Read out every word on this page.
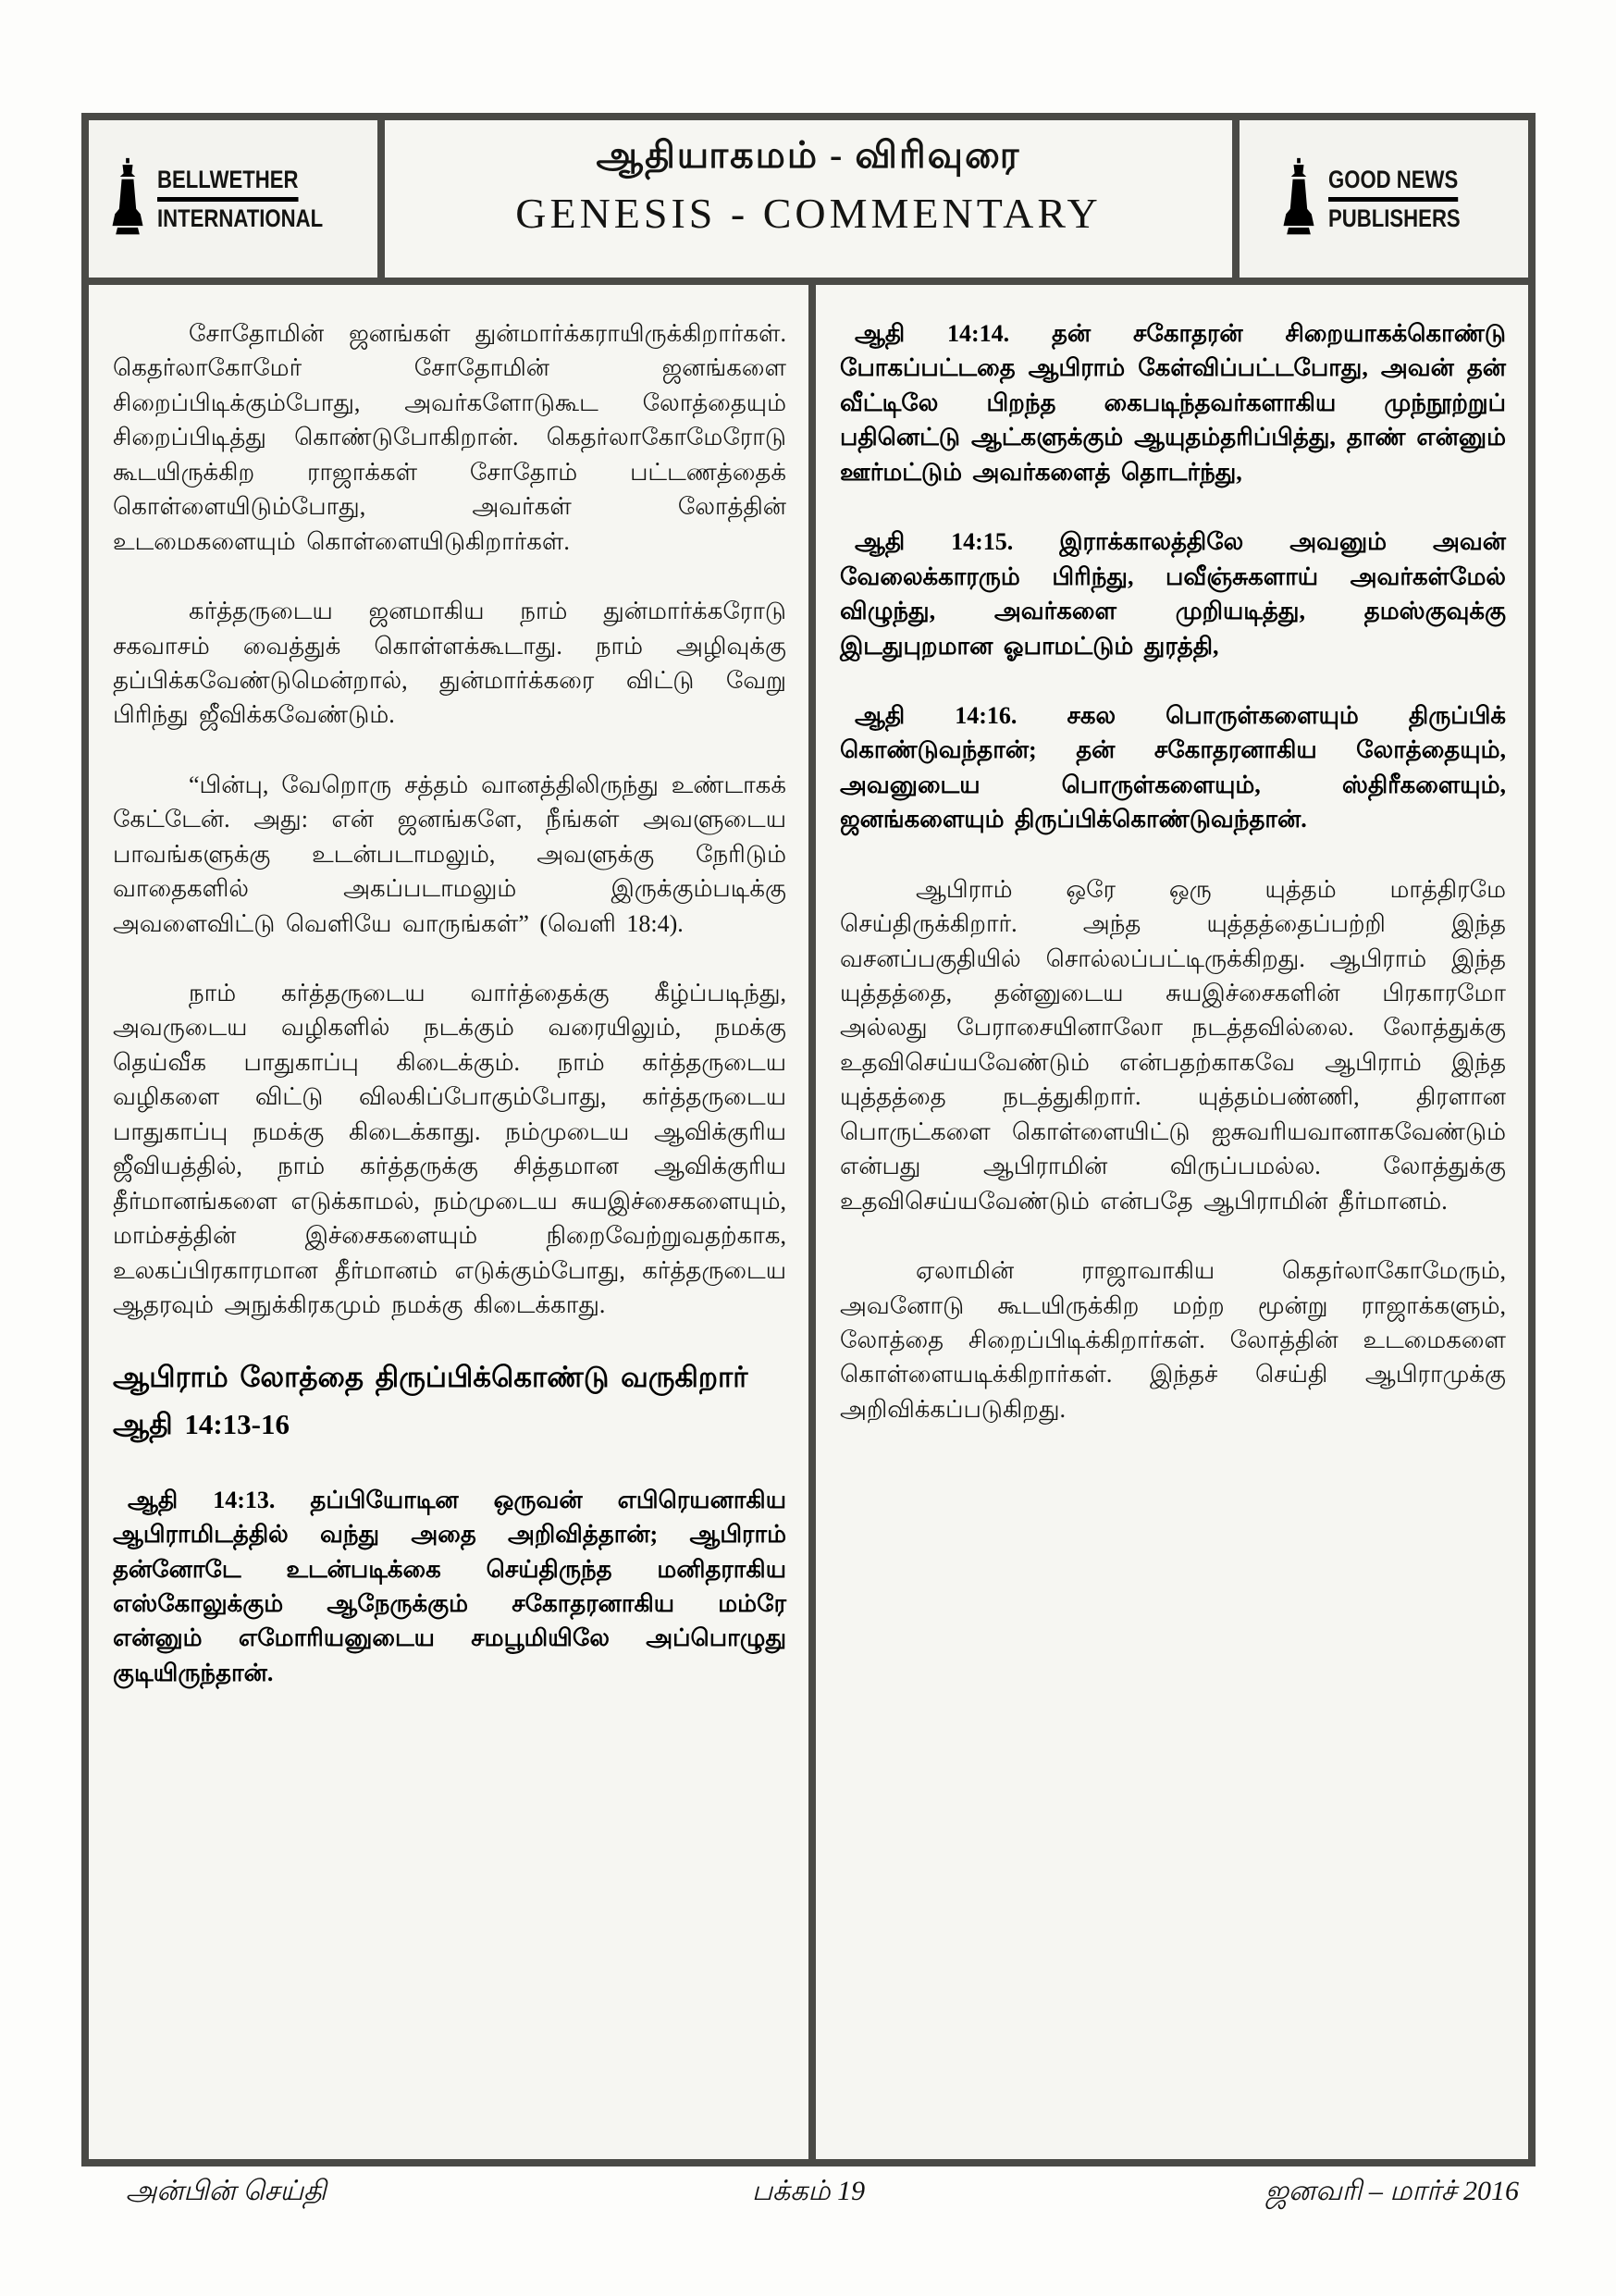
BELLWETHER
INTERNATIONAL
ஆதியாகமம் - விரிவுரை
GENESIS - COMMENTARY
GOOD NEWS
PUBLISHERS

சோதோமின் ஜனங்கள் துன்மார்க்கராயிருக்கிறார்கள். கெதர்லாகோமேர் சோதோமின் ஜனங்களை சிறைப்பிடிக்கும்போது, அவர்களோடுகூட லோத்தையும் சிறைப்பிடித்து கொண்டுபோகிறான். கெதர்லாகோமேரோடு கூடயிருக்கிற ராஜாக்கள் சோதோம் பட்டணத்தைக் கொள்ளையிடும்போது, அவர்கள் லோத்தின் உடமைகளையும் கொள்ளையிடுகிறார்கள்.

கர்த்தருடைய ஜனமாகிய நாம் துன்மார்க்கரோடு சகவாசம் வைத்துக் கொள்ளக்கூடாது. நாம் அழிவுக்கு தப்பிக்கவேண்டுமென்றால், துன்மார்க்கரை விட்டு வேறு பிரிந்து ஜீவிக்கவேண்டும்.

“பின்பு, வேறொரு சத்தம் வானத்திலிருந்து உண்டாகக் கேட்டேன். அது: என் ஜனங்களே, நீங்கள் அவளுடைய பாவங்களுக்கு உடன்படாமலும், அவளுக்கு நேரிடும் வாதைகளில் அகப்படாமலும் இருக்கும்படிக்கு அவளைவிட்டு வெளியே வாருங்கள்” (வெளி 18:4).

நாம் கர்த்தருடைய வார்த்தைக்கு கீழ்ப்படிந்து, அவருடைய வழிகளில் நடக்கும் வரையிலும், நமக்கு தெய்வீக பாதுகாப்பு கிடைக்கும். நாம் கர்த்தருடைய வழிகளை விட்டு விலகிப்போகும்போது, கர்த்தருடைய பாதுகாப்பு நமக்கு கிடைக்காது. நம்முடைய ஆவிக்குரிய ஜீவியத்தில், நாம் கர்த்தருக்கு சித்தமான ஆவிக்குரிய தீர்மானங்களை எடுக்காமல், நம்முடைய சுயஇச்சைகளையும், மாம்சத்தின் இச்சைகளையும் நிறைவேற்றுவதற்காக, உலகப்பிரகாரமான தீர்மானம் எடுக்கும்போது, கர்த்தருடைய ஆதரவும் அநுக்கிரகமும் நமக்கு கிடைக்காது.

ஆபிராம் லோத்தை திருப்பிக்கொண்டு வருகிறார்

ஆதி 14:13-16

ஆதி 14:13. தப்பியோடின ஒருவன் எபிரெயனாகிய ஆபிராமிடத்தில் வந்து அதை அறிவித்தான்; ஆபிராம் தன்னோடே உடன்படிக்கை செய்திருந்த மனிதராகிய எஸ்கோலுக்கும் ஆநேருக்கும் சகோதரனாகிய மம்ரே என்னும் எமோரியனுடைய சமபூமியிலே அப்பொழுது குடியிருந்தான்.

ஆதி 14:14. தன் சகோதரன் சிறையாகக்கொண்டு போகப்பட்டதை ஆபிராம் கேள்விப்பட்டபோது, அவன் தன் வீட்டிலே பிறந்த கைபடிந்தவர்களாகிய முந்நூற்றுப் பதினெட்டு ஆட்களுக்கும் ஆயுதம்தரிப்பித்து, தாண் என்னும் ஊர்மட்டும் அவர்களைத் தொடர்ந்து,

ஆதி 14:15. இராக்காலத்திலே அவனும் அவன் வேலைக்காரரும் பிரிந்து, பவீஞ்சுகளாய் அவர்கள்மேல் விழுந்து, அவர்களை முறியடித்து, தமஸ்குவுக்கு இடதுபுறமான ஓபாமட்டும் துரத்தி,

ஆதி 14:16. சகல பொருள்களையும் திருப்பிக் கொண்டுவந்தான்; தன் சகோதரனாகிய லோத்தையும், அவனுடைய பொருள்களையும், ஸ்திரீகளையும், ஜனங்களையும் திருப்பிக்கொண்டுவந்தான்.

ஆபிராம் ஒரே ஒரு யுத்தம் மாத்திரமே செய்திருக்கிறார். அந்த யுத்தத்தைப்பற்றி இந்த வசனப்பகுதியில் சொல்லப்பட்டிருக்கிறது. ஆபிராம் இந்த யுத்தத்தை, தன்னுடைய சுயஇச்சைகளின் பிரகாரமோ அல்லது பேராசையினாலோ நடத்தவில்லை. லோத்துக்கு உதவிசெய்யவேண்டும் என்பதற்காகவே ஆபிராம் இந்த யுத்தத்தை நடத்துகிறார். யுத்தம்பண்ணி, திரளான பொருட்களை கொள்ளையிட்டு ஐசுவரியவானாகவேண்டும் என்பது ஆபிராமின் விருப்பமல்ல. லோத்துக்கு உதவிசெய்யவேண்டும் என்பதே ஆபிராமின் தீர்மானம்.

ஏலாமின் ராஜாவாகிய கெதர்லாகோமேரும், அவனோடு கூடயிருக்கிற மற்ற மூன்று ராஜாக்களும், லோத்தை சிறைப்பிடிக்கிறார்கள். லோத்தின் உடமைகளை கொள்ளையடிக்கிறார்கள். இந்தச் செய்தி ஆபிராமுக்கு அறிவிக்கப்படுகிறது.

அன்பின் செய்தி	பக்கம் 19	ஜனவரி – மார்ச் 2016
